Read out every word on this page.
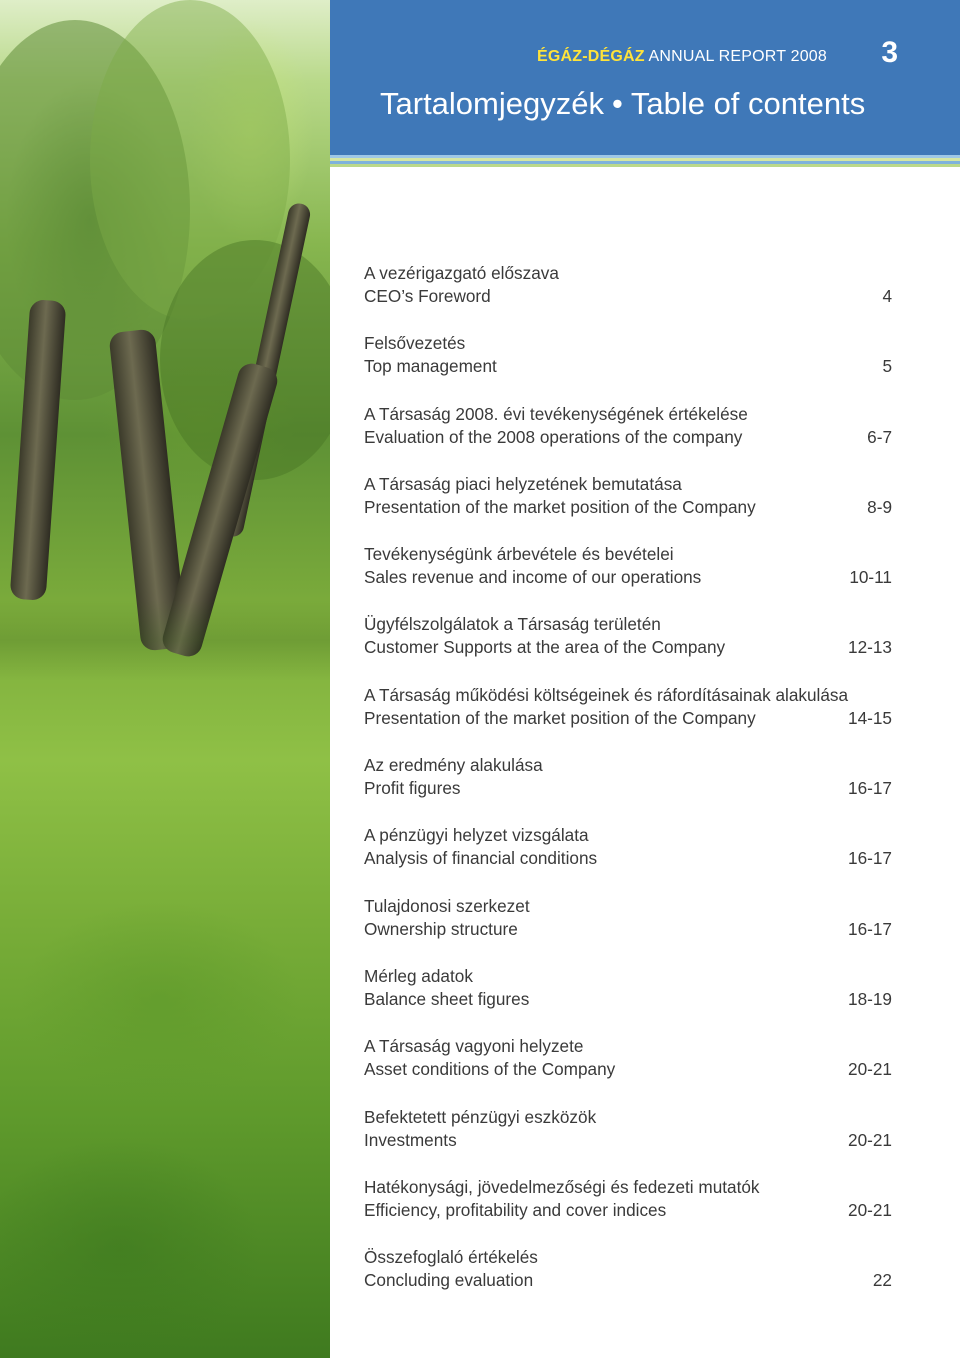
ÉGÁZ-DÉGÁZ ANNUAL REPORT 2008 3
Tartalomjegyzék • Table of contents
A vezérigazgató előszava
CEO’s Foreword	4
Felsővezetés
Top management	5
A Társaság 2008. évi tevékenységének értékelése
Evaluation of the 2008 operations of the company	6-7
A Társaság piaci helyzetének bemutatása
Presentation of the market position of the Company	8-9
Tevékenységünk árbevétele és bevételei
Sales revenue and income of our operations	10-11
Ügyfélszolgálatok a Társaság területén
Customer Supports at the area of the Company	12-13
A Társaság működési költségeinek és ráfordításainak alakulása
Presentation of the market position of the Company	14-15
Az eredmény alakulása
Profit figures	16-17
A pénzügyi helyzet vizsgálata
Analysis of financial conditions	16-17
Tulajdonosi szerkezet
Ownership structure	16-17
Mérleg adatok
Balance sheet figures	18-19
A Társaság vagyoni helyzete
Asset conditions of the Company	20-21
Befektetett pénzügyi eszközök
Investments	20-21
Hatékonysági, jövedelmezőségi és fedezeti mutatók
Efficiency, profitability and cover indices	20-21
Összefoglaló értékelés
Concluding evaluation	22
